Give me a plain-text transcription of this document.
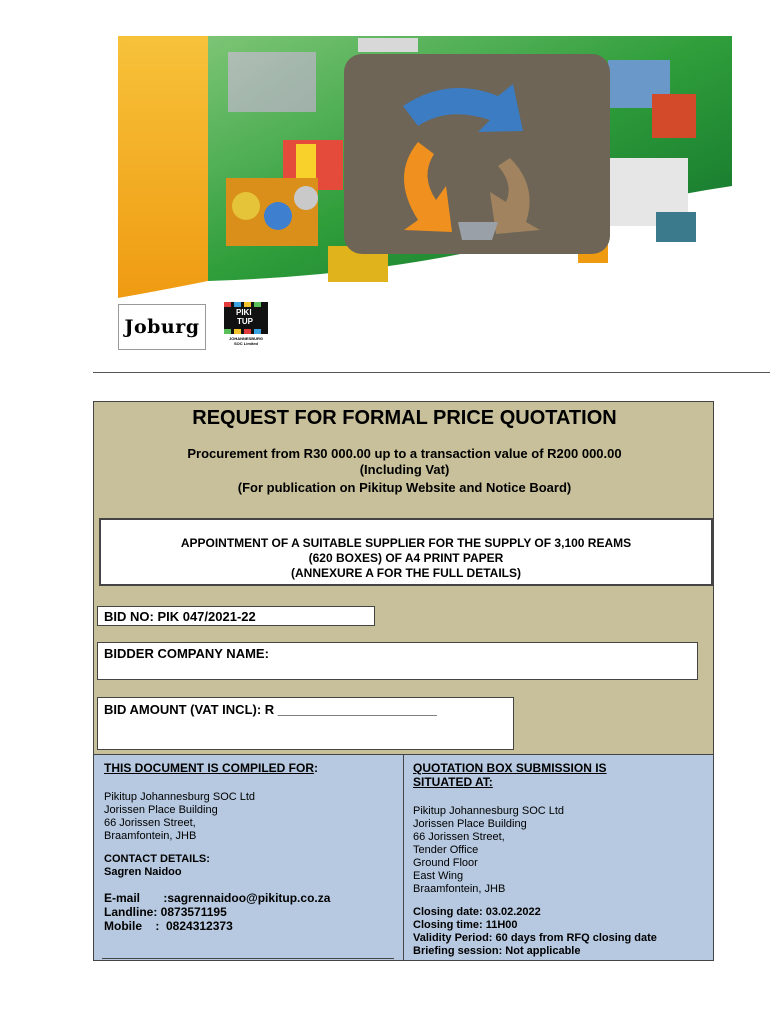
Joburg
PIKI
TUP
JOHANNESBURG
SOC Limited
REQUEST FOR FORMAL PRICE QUOTATION
Procurement from R30 000.00 up to a transaction value of R200 000.00
(Including Vat)
(For publication on Pikitup Website and Notice Board)
APPOINTMENT OF A SUITABLE SUPPLIER FOR THE SUPPLY OF 3,100 REAMS
(620 BOXES) OF A4 PRINT PAPER
(ANNEXURE A FOR THE FULL DETAILS)
BID NO: PIK 047/2021-22
BIDDER COMPANY NAME:
BID AMOUNT (VAT INCL): R ______________________
THIS DOCUMENT IS COMPILED FOR:
Pikitup Johannesburg SOC Ltd
Jorissen Place Building
66 Jorissen Street,
Braamfontein, JHB
CONTACT DETAILS:
Sagren Naidoo
E-mail       :sagrennaidoo@pikitup.co.za
Landline: 0873571195
Mobile    :  0824312373
QUOTATION BOX SUBMISSION IS
SITUATED AT:
Pikitup Johannesburg SOC Ltd
Jorissen Place Building
66 Jorissen Street,
Tender Office
Ground Floor
East Wing
Braamfontein, JHB
Closing date: 03.02.2022
Closing time: 11H00
Validity Period: 60 days from RFQ closing date
Briefing session: Not applicable
